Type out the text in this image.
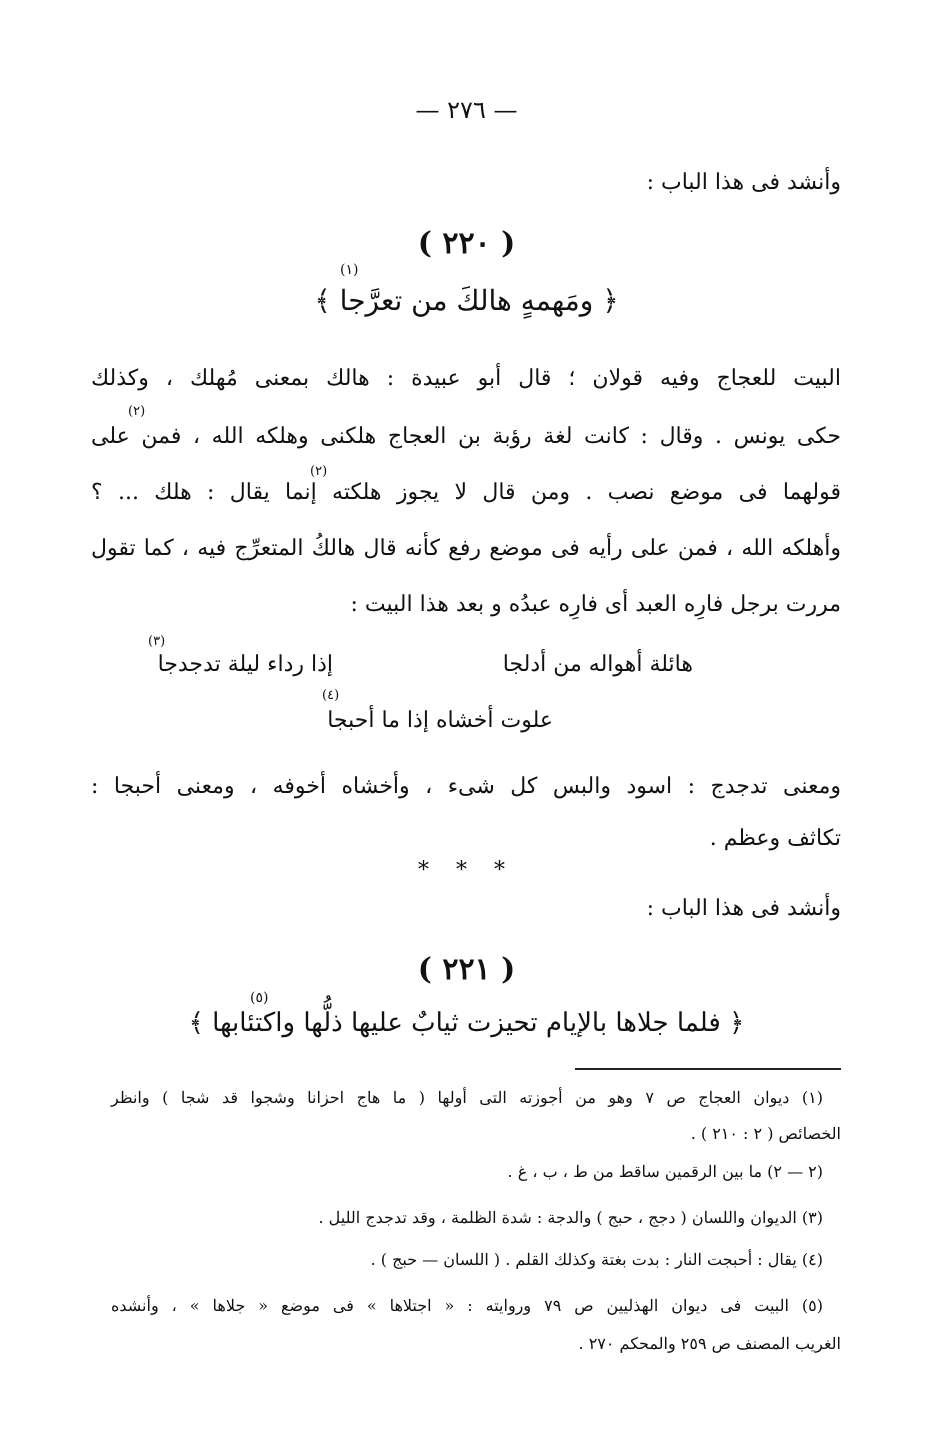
— ٢٧٦ —
وأنشد فى هذا الباب :
( ٢٢٠ )
(١)
﴿ ومَهمهٍ هالكَ من تعرَّجا ﴾
البيت للعجاج وفيه قولان ؛ قال أبو عبيدة : هالك بمعنى مُهلك ، وكذلك
(٢)
حكى يونس . وقال : كانت لغة رؤبة بن العجاج هلكنى وهلكه الله ، فمن على
(٢)
قولهما فى موضع نصب . ومن قال لا يجوز هلكته إنما يقال : هلك ... ؟
وأهلكه الله ، فمن على رأيه فى موضع رفع كأنه قال هالكُ المتعرِّج فيه ، كما تقول
مررت برجل فارِه العبد أى فارِه عبدُه و بعد هذا البيت :
(٣)
هائلة أهواله من أدلجا
إذا رداء ليلة تدجدجا
(٤)
علوت أخشاه إذا ما أحبجا
ومعنى تدجدج : اسود والبس كل شىء ، وأخشاه أخوفه ، ومعنى أحبجا :
تكاثف وعظم .
* * *
وأنشد فى هذا الباب :
( ٢٢١ )
(٥)
﴿ فلما جلاها بالإيام تحيزت ثيابٌ عليها ذلُّها واكتئابها ﴾
(١) ديوان العجاج ص ٧ وهو من أجوزته التى أولها ( ما هاج احزانا وشجوا قد شجا ) وانظر
الخصائص ( ٢ : ٢١٠ ) .
(٢ — ٢) ما بين الرقمين ساقط من ط ، ب ، غ .
(٣) الديوان واللسان ( دجج ، حبج ) والدجة : شدة الظلمة ، وقد تدجدج الليل .
(٤) يقال : أحبجت النار : بدت بغتة وكذلك القلم . ( اللسان — حبج ) .
(٥) البيت فى ديوان الهذليين ص ٧٩ وروايته : « اجتلاها » فى موضع « جلاها » ، وأنشده
الغريب المصنف ص ٢٥٩ والمحكم ٢٧٠ .
